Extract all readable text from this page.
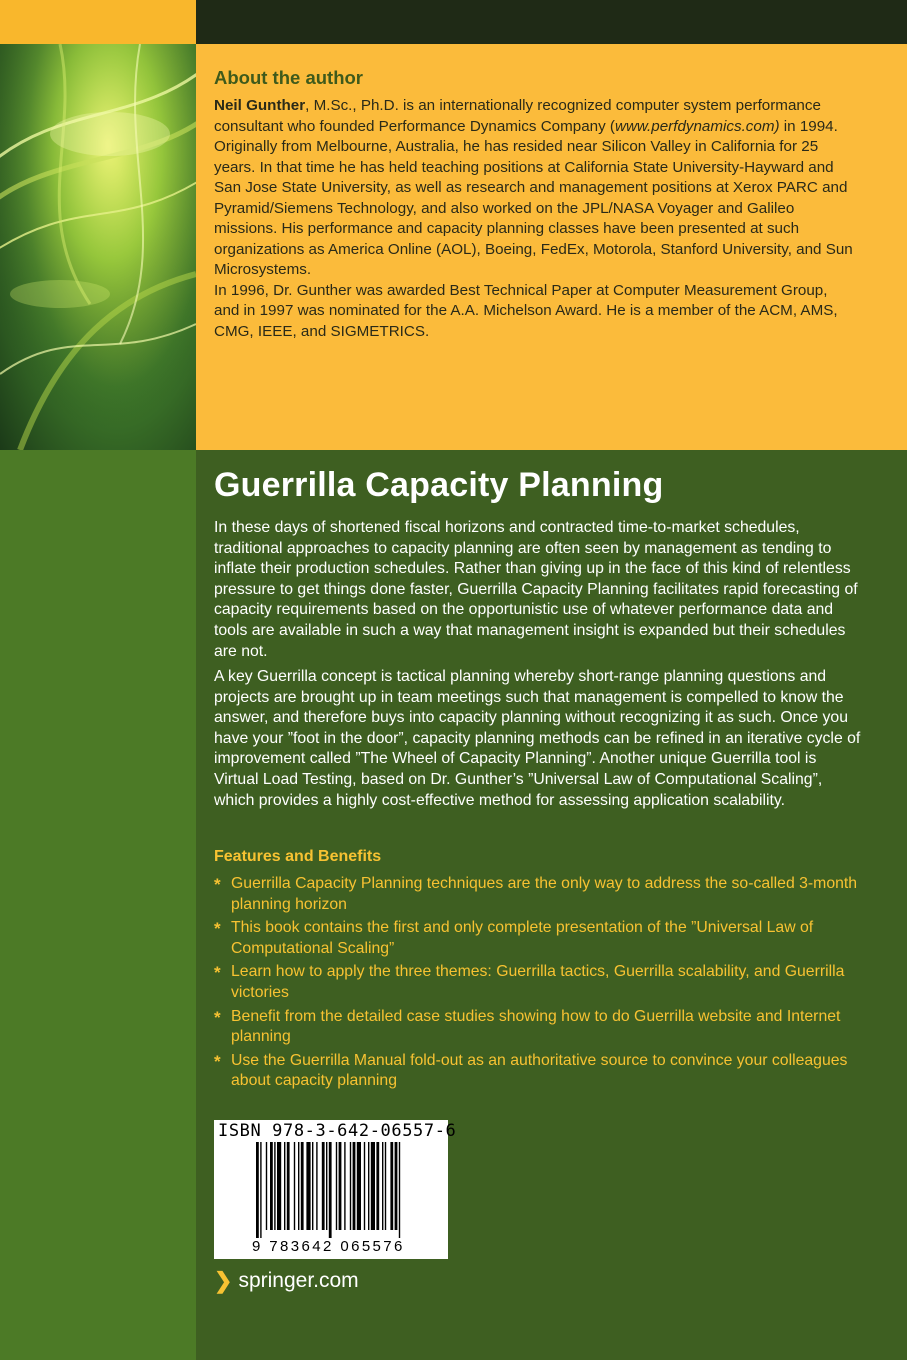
About the author

Neil Gunther, M.Sc., Ph.D. is an internationally recognized computer system performance consultant who founded Performance Dynamics Company (www.perfdynamics.com) in 1994. Originally from Melbourne, Australia, he has resided near Silicon Valley in California for 25 years. In that time he has held teaching positions at California State University-Hayward and San Jose State University, as well as research and management positions at Xerox PARC and Pyramid/Siemens Technology, and also worked on the JPL/NASA Voyager and Galileo missions. His performance and capacity planning classes have been presented at such organizations as America Online (AOL), Boeing, FedEx, Motorola, Stanford University, and Sun Microsystems.
In 1996, Dr. Gunther was awarded Best Technical Paper at Computer Measurement Group, and in 1997 was nominated for the A.A. Michelson Award. He is a member of the ACM, AMS, CMG, IEEE, and SIGMETRICS.

Guerrilla Capacity Planning

In these days of shortened fiscal horizons and contracted time-to-market schedules, traditional approaches to capacity planning are often seen by management as tending to inflate their production schedules. Rather than giving up in the face of this kind of relentless pressure to get things done faster, Guerrilla Capacity Planning facilitates rapid forecasting of capacity requirements based on the opportunistic use of whatever performance data and tools are available in such a way that management insight is expanded but their schedules are not.

A key Guerrilla concept is tactical planning whereby short-range planning questions and projects are brought up in team meetings such that management is compelled to know the answer, and therefore buys into capacity planning without recognizing it as such. Once you have your ”foot in the door”, capacity planning methods can be refined in an iterative cycle of improvement called ”The Wheel of Capacity Planning”. Another unique Guerrilla tool is Virtual Load Testing, based on Dr. Gunther’s ”Universal Law of Computational Scaling”, which provides a highly cost-effective method for assessing application scalability.

Features and Benefits
* Guerrilla Capacity Planning techniques are the only way to address the so-called 3-month planning horizon
* This book contains the first and only complete presentation of the ”Universal Law of Computational Scaling”
* Learn how to apply the three themes: Guerrilla tactics, Guerrilla scalability, and Guerrilla victories
* Benefit from the detailed case studies showing how to do Guerrilla website and Internet planning
* Use the Guerrilla Manual fold-out as an authoritative source to convince your colleagues about capacity planning

ISBN 978-3-642-06557-6

9 783642 065576

❯ springer.com
